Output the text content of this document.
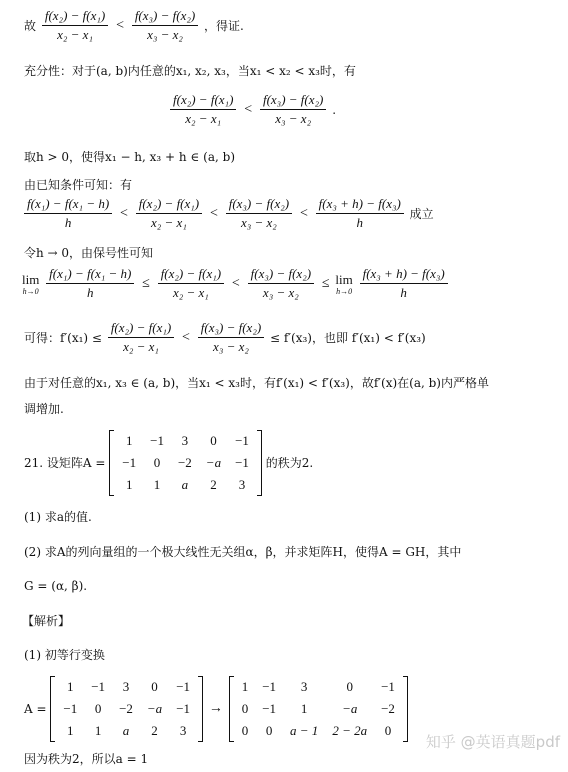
故 $\frac{\text{f(x₂) − f(x₁)}}{\text{x₂ − x₁}} < \frac{\text{f(x₃) − f(x₂)}}{\text{x₃ − x₂}}$ ，得证.
充分性：对于(a, b)内任意的x₁, x₂, x₃，当x₁ < x₂ < x₃时，有
$\frac{\text{f(x₂) − f(x₁)}}{\text{x₂ − x₁}} < \frac{\text{f(x₃) − f(x₂)}}{\text{x₃ − x₂}}$ .
取h > 0，使得x₁ − h, x₃ + h ∈ (a, b)
由已知条件可知：有
$\frac{\text{f(x₁) − f(x₁ − h)}}{h} < \frac{\text{f(x₂) − f(x₁)}}{\text{x₂ − x₁}} < \frac{\text{f(x₃) − f(x₂)}}{\text{x₃ − x₂}} < \frac{\text{f(x₃ + h) − f(x₃)}}{h}$ 成立
令h → 0，由保号性可知
lim
h→0
$\frac{\text{f(x₁) − f(x₁ − h)}}{h} \le \frac{\text{f(x₂) − f(x₁)}}{\text{x₂ − x₁}} < \frac{\text{f(x₃) − f(x₂)}}{\text{x₃ − x₂}} \le \lim$
h→0
$\frac{\text{f(x₃ + h) − f(x₃)}}{h}$
可得：$f'(x_1) \le \frac{\text{f(x₂) − f(x₁)}}{\text{x₂ − x₁}} < \frac{\text{f(x₃) − f(x₂)}}{\text{x₃ − x₂}} \le f'(x_3)$，也即 f′(x₁) < f′(x₃)
由于对任意的x₁, x₃ ∈ (a, b)，当x₁ < x₃时，有f′(x₁) < f′(x₃)，故f′(x)在(a, b)内严格单
调增加.
21. 设矩阵A =
1	−1	3	0	−1
−1	0	−2	−a	−1
1	1	a	2	3
的秩为2.
(1) 求a的值.
(2) 求A的列向量组的一个极大线性无关组α，β，并求矩阵H，使得A = GH，其中
G = (α, β).
【解析】
(1) 初等行变换
A =
1	−1	3	0	−1
−1	0	−2	−a	−1
1	1	a	2	3
→
1	−1	3	0	−1
0	−1	1	−a	−2
0	0	a − 1	2 − 2a	0
因为秩为2，所以a = 1
知乎 @英语真题pdf
